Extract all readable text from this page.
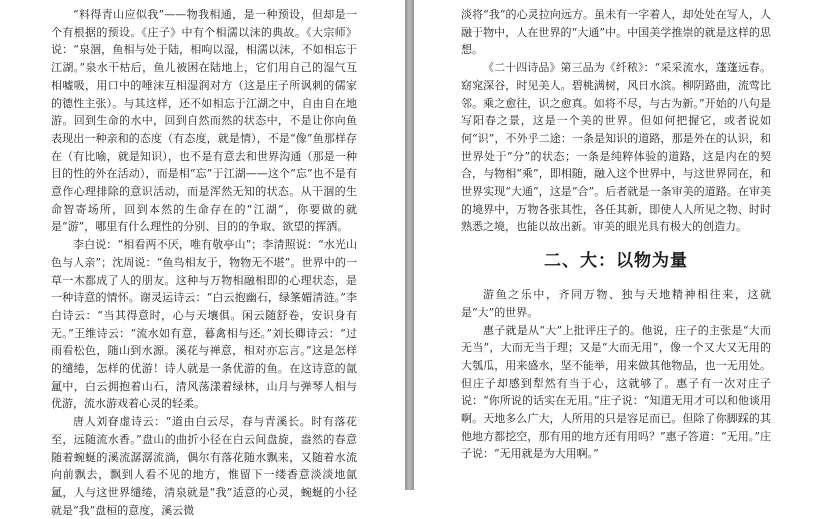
“料得青山应似我”——物我相通，是一种预设，但却是一个有根据的预设。《庄子》中有个相濡以沫的典故。《大宗师》说：“泉涸，鱼相与处于陆，相呴以湿，相濡以沫，不如相忘于江湖。”泉水干枯后，鱼儿被困在陆地上，它们用自己的湿气互相嘘吸，用口中的唾沫互相湿润对方（这是庄子所讽刺的儒家的德性主张）。与其这样，还不如相忘于江湖之中，自由自在地游。回到生命的水中，回到自然而然的状态中，不是让你向鱼表现出一种亲和的态度（有态度，就是情），不是“像”鱼那样存在（有比喻，就是知识），也不是有意去和世界沟通（那是一种目的性的外在活动），而是相“忘”于江湖——这个“忘”也不是有意作心理排除的意识活动，而是浑然无知的状态。从干涸的生命智寄场所，回到本然的生命存在的“江湖”，你要做的就是“游”，哪里有什么理性的分别、目的的争取、欲望的挥洒。

李白说：“相看两不厌，唯有敬亭山”；李清照说：“水光山色与人亲”；沈周说：“鱼鸟相友于，物物无不堪”。世界中的一草一木都成了人的朋友。这种与万物相融相即的心理状态，是一种诗意的情怀。谢灵运诗云：“白云抱幽石，绿筿媚清涟。”李白诗云：“当其得意时，心与天壤俱。闲云随舒卷，安识身有无。”王维诗云：“流水如有意，暮禽相与还。”刘长卿诗云：“过雨看松色，随山到水源。溪花与禅意，相对亦忘言。”这是怎样的缱绻，怎样的优游！诗人就是一条优游的鱼。在这诗意的氤氲中，白云拥抱着山石，清风荡漾着绿林，山月与弹琴人相与优游，流水游戏着心灵的轻柔。

唐人刘眘虚诗云：“道由白云尽，春与青溪长。时有落花至，远随流水香。”盘山的曲折小径在白云间盘旋，盎然的春意随着蜿蜒的溪流潺潺流淌，偶尔有落花随水飘来，又随着水流向前飘去，飘到人看不见的地方，惟留下一缕香意淡淡地氤氲，人与这世界缱绻，清泉就是“我”适意的心灵，蜿蜒的小径就是“我”盘桓的意度，溪云微

淡将“我”的心灵拉向远方。虽未有一字着人，却处处在写人，人融于物中，人在世界的“大通”中。中国美学推崇的就是这样的思想。

《二十四诗品》第三品为《纤秾》：“采采流水，蓬蓬远春。窈窕深谷，时见美人。碧桃满树，风日水滨。柳阴路曲，流莺比邻。乘之愈往，识之愈真。如将不尽，与古为新。”开始的八句是写阳春之景，这是一个美的世界。但如何把握它，或者说如何“识”，不外乎二途：一条是知识的道路，那是外在的认识，和世界处于“分”的状态；一条是纯粹体验的道路，这是内在的契合，与物相“乘”，即相随，融入这个世界中，与这世界同在，和世界实现“大通”，这是“合”。后者就是一条审美的道路。在审美的境界中，万物各张其性，各任其新，即使人人所见之物、时时熟悉之境，也能以故出新。审美的眼光具有极大的创造力。

二、大：以物为量

游鱼之乐中，齐同万物、独与天地精神相往来，这就是“大”的世界。

惠子就是从“大”上批评庄子的。他说，庄子的主张是“大而无当”，大而无当于理；又是“大而无用”，像一个又大又无用的大瓠瓜，用来盛水，坚不能举，用来做其他物品，也一无用处。但庄子却感到犁然有当于心，这就够了。惠子有一次对庄子说：“你所说的话实在无用。”庄子说：“知道无用才可以和他谈用啊。天地多么广大，人所用的只是容足而已。但除了你脚踩的其他地方都挖空，那有用的地方还有用吗？”惠子答道：“无用。”庄子说：“无用就是为大用啊。”
